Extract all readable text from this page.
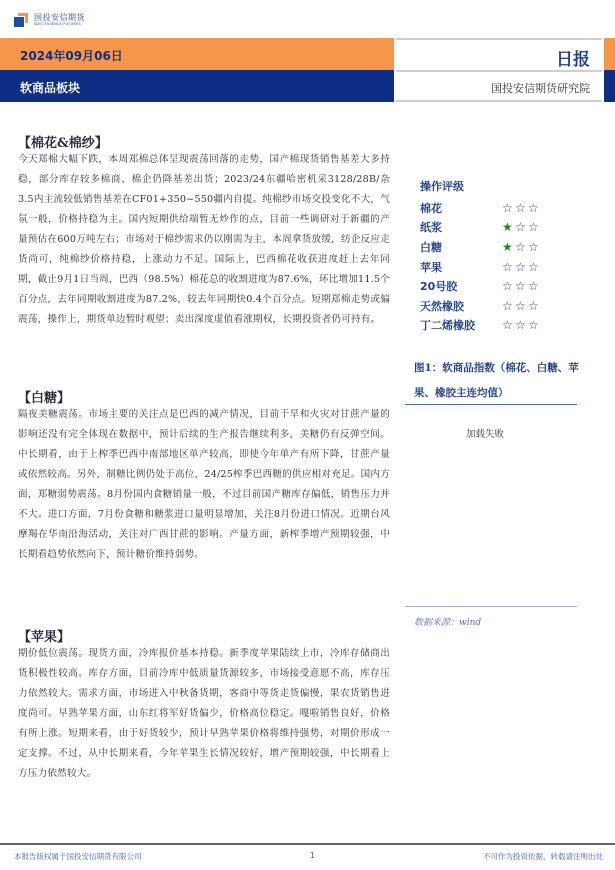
国投安信期货
SDIC ESSENCE FUTURES
2024年09月06日
软商品板块
日报
国投安信期货研究院
【棉花&棉纱】
今天郑棉大幅下跌，本周郑棉总体呈现震荡回落的走势，国产棉现货销售基差大多持稳，部分库存较多棉商、棉企仍降基差出货；2023/24东疆哈密机采3128/28B/杂3.5内主流较低销售基差在CF01+350~550疆内自提。纯棉纱市场交投变化不大，气氛一般，价格持稳为主。国内短期供给端暂无炒作的点，目前一些调研对于新疆的产量预估在600万吨左右；市场对于棉纱需求仍以刚需为主，本周拿货放缓，纺企反应走货尚可，纯棉纱价格持稳，上涨动力不足。国际上，巴西棉花收获进度赶上去年同期，截止9月1日当周，巴西（98.5%）棉花总的收割进度为87.6%，环比增加11.5个百分点，去年同期收割进度为87.2%，较去年同期快0.4个百分点。短期郑棉走势或偏震荡，操作上，期货单边暂时观望；卖出深度虚值看涨期权，长期投资者仍可持有。
【白糖】
隔夜美糖震荡。市场主要的关注点是巴西的减产情况，目前干旱和火灾对甘蔗产量的影响还没有完全体现在数据中，预计后续的生产报告继续利多，美糖仍有反弹空间。中长期看，由于上榨季巴西中南部地区单产较高，即使今年单产有所下降，甘蔗产量或依然较高。另外，制糖比例仍处于高位，24/25榨季巴西糖的供应相对充足。国内方面，郑糖弱势震荡。8月份国内食糖销量一般，不过目前国产糖库存偏低，销售压力并不大。进口方面，7月份食糖和糖浆进口量明显增加，关注8月份进口情况。近期台风摩羯在华南沿海活动，关注对广西甘蔗的影响。产量方面，新榨季增产预期较强，中长期看趋势依然向下，预计糖价维持弱势。
【苹果】
期价低位震荡。现货方面，冷库报价基本持稳。新季度苹果陆续上市，冷库存储商出货积极性较高。库存方面，目前冷库中低质量货源较多，市场接受意愿不高，库存压力依然较大。需求方面，市场进入中秋备货期，客商中等货走货偏慢，果农货销售进度尚可。早熟苹果方面，山东红将军好货偏少，价格高位稳定。嘎啦销售良好，价格有所上涨。短期来看，由于好货较少，预计早熟苹果价格将维持强势，对期价形成一定支撑。不过，从中长期来看，今年苹果生长情况较好，增产预期较强，中长期看上方压力依然较大。
操作评级
棉花	☆ ☆ ☆
纸浆	★ ☆ ☆
白糖	★ ☆ ☆
苹果	☆ ☆ ☆
20号胶	☆ ☆ ☆
天然橡胶	☆ ☆ ☆
丁二烯橡胶	☆ ☆ ☆
图1：软商品指数（棉花、白糖、苹果、橡胶主连均值）
加载失败
数据来源：wind
本报告版权属于国投安信期货有限公司	1	不可作为投资依据，转载请注明出处
